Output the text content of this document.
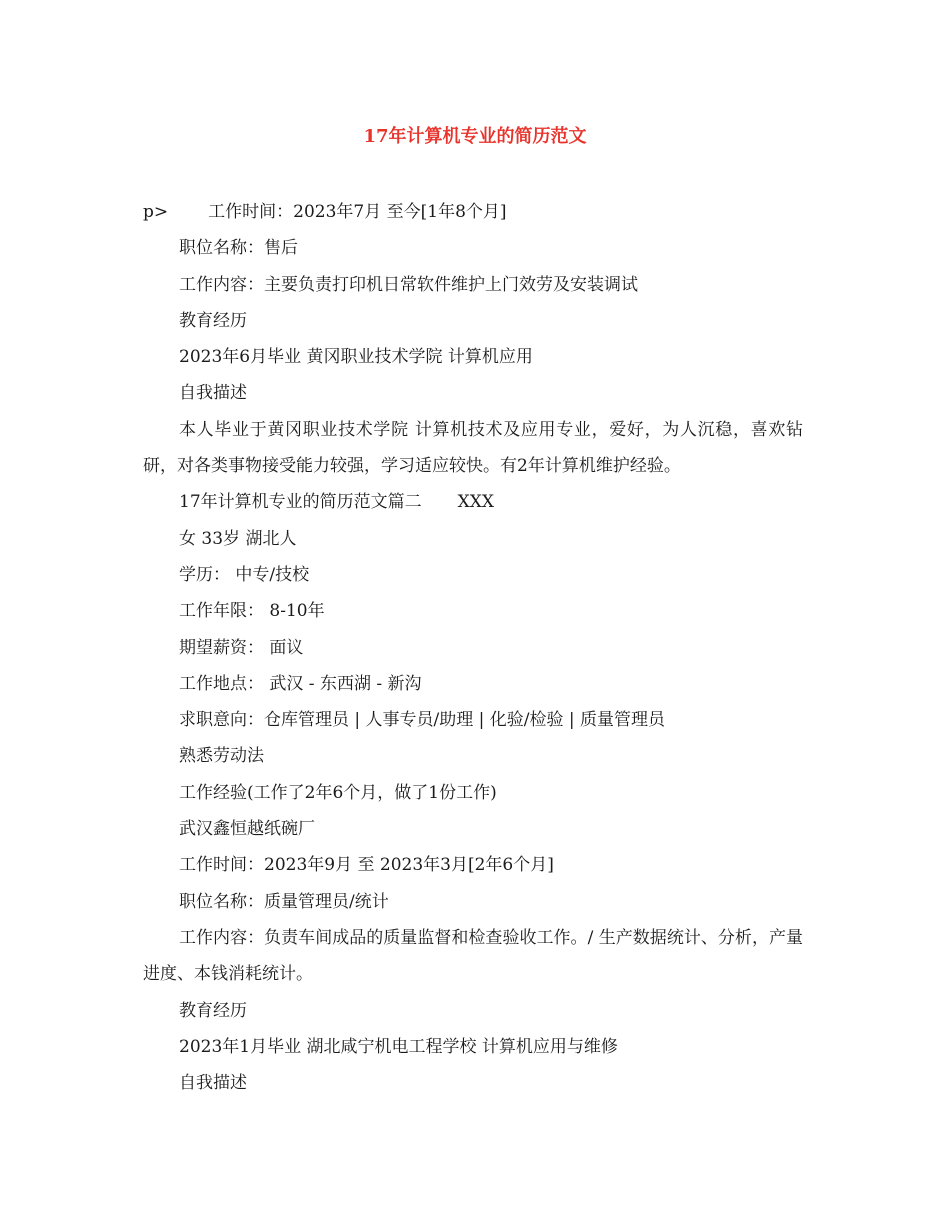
17年计算机专业的简历范文
p> 工作时间：2023年7月 至今[1年8个月]
职位名称：售后
工作内容：主要负责打印机日常软件维护上门效劳及安装调试
教育经历
2023年6月毕业 黄冈职业技术学院 计算机应用
自我描述
本人毕业于黄冈职业技术学院 计算机技术及应用专业，爱好，为人沉稳，喜欢钻研，对各类事物接受能力较强，学习适应较快。有2年计算机维护经验。
17年计算机专业的简历范文篇二 XXX
女 33岁 湖北人
学历： 中专/技校
工作年限： 8-10年
期望薪资： 面议
工作地点： 武汉 - 东西湖 - 新沟
求职意向：仓库管理员 | 人事专员/助理 | 化验/检验 | 质量管理员
熟悉劳动法
工作经验(工作了2年6个月，做了1份工作)
武汉鑫恒越纸碗厂
工作时间：2023年9月 至 2023年3月[2年6个月]
职位名称：质量管理员/统计
工作内容：负责车间成品的质量监督和检查验收工作。/ 生产数据统计、分析，产量进度、本钱消耗统计。
教育经历
2023年1月毕业 湖北咸宁机电工程学校 计算机应用与维修
自我描述
